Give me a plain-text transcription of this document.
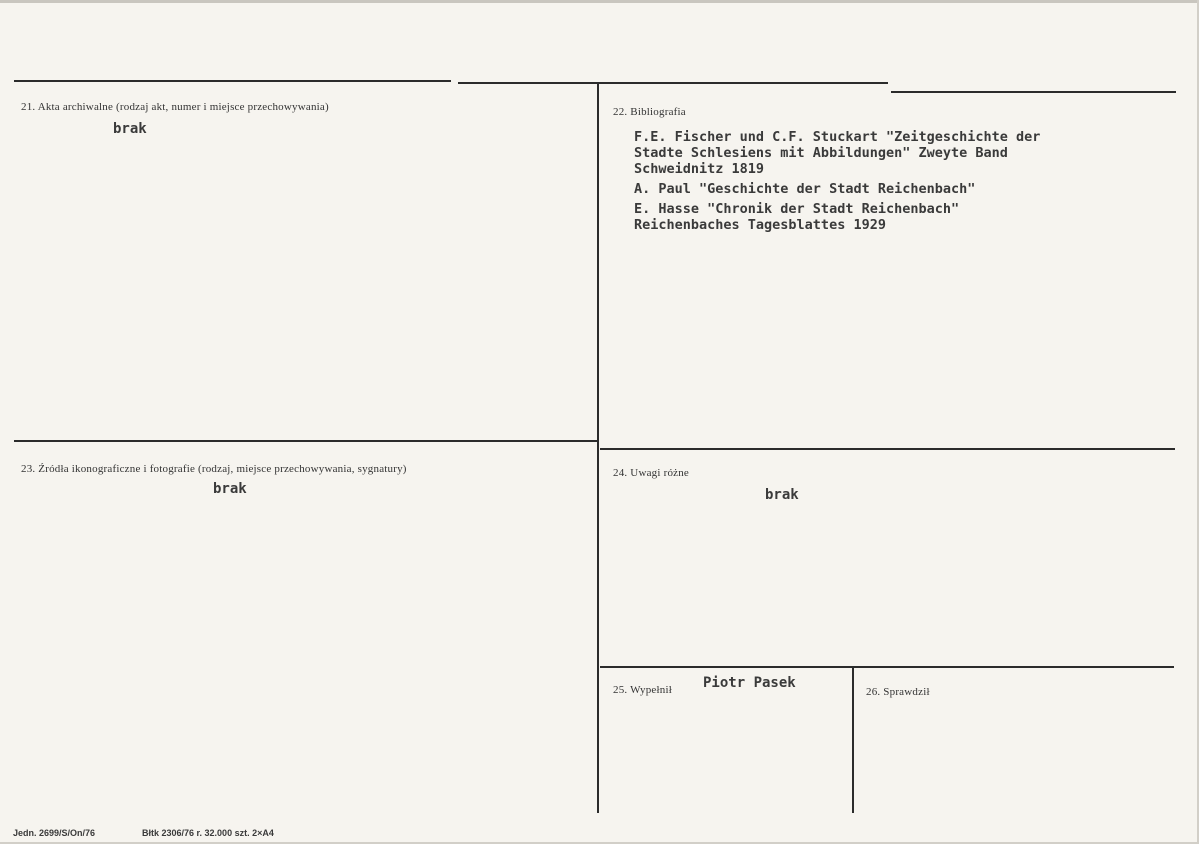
21. Akta archiwalne (rodzaj akt, numer i miejsce przechowywania)
brak
22. Bibliografia
F.E. Fischer und C.F. Stuckart "Zeitgeschichte der
Stadte Schlesiens mit Abbildungen" Zweyte Band
Schweidnitz 1819
A. Paul "Geschichte der Stadt Reichenbach"
E. Hasse "Chronik der Stadt Reichenbach"
Reichenbaches Tagesblattes 1929
23. Źródła ikonograficzne i fotografie (rodzaj, miejsce przechowywania, sygnatury)
brak
24. Uwagi różne
brak
25. Wypełnił Piotr Pasek
26. Sprawdził
Jedn. 2699/S/On/76	Błtk 2306/76 r. 32.000 szt. 2×A4
